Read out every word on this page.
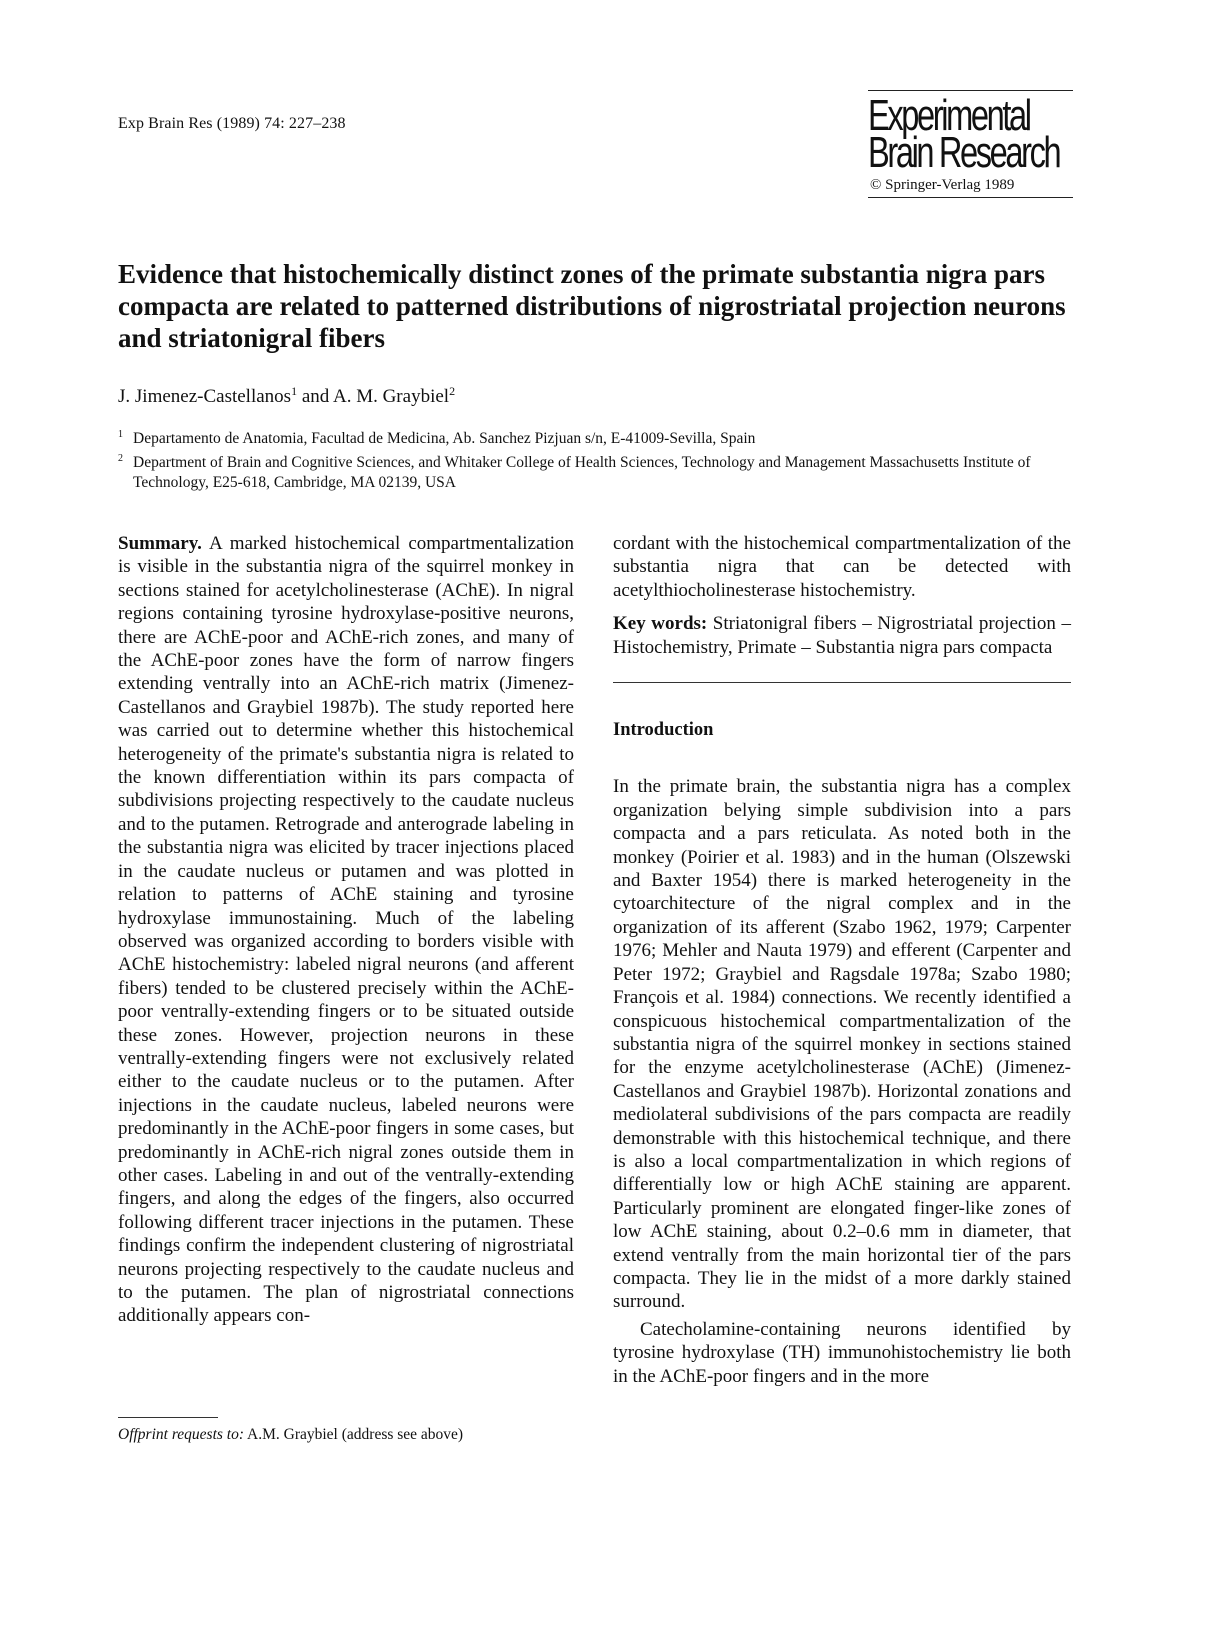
Exp Brain Res (1989) 74: 227–238	Experimental
Brain Research
© Springer-Verlag 1989
Evidence that histochemically distinct zones of the primate substantia nigra pars compacta are related to patterned distributions of nigrostriatal projection neurons and striatonigral fibers
J. Jimenez-Castellanos$^1$ and A. M. Graybiel$^2$
$^1$ Departamento de Anatomia, Facultad de Medicina, Ab. Sanchez Pizjuan s/n, E-41009-Sevilla, Spain
$^2$ Department of Brain and Cognitive Sciences, and Whitaker College of Health Sciences, Technology and Management Massachusetts Institute of Technology, E25-618, Cambridge, MA 02139, USA

Summary. A marked histochemical compartmentalization is visible in the substantia nigra of the squirrel monkey in sections stained for acetylcholinesterase (AChE). In nigral regions containing tyrosine hydroxylase-positive neurons, there are AChE-poor and AChE-rich zones, and many of the AChE-poor zones have the form of narrow fingers extending ventrally into an AChE-rich matrix (Jimenez-Castellanos and Graybiel 1987b). The study reported here was carried out to determine whether this histochemical heterogeneity of the primate's substantia nigra is related to the known differentiation within its pars compacta of subdivisions projecting respectively to the caudate nucleus and to the putamen. Retrograde and anterograde labeling in the substantia nigra was elicited by tracer injections placed in the caudate nucleus or putamen and was plotted in relation to patterns of AChE staining and tyrosine hydroxylase immunostaining. Much of the labeling observed was organized according to borders visible with AChE histochemistry: labeled nigral neurons (and afferent fibers) tended to be clustered precisely within the AChE-poor ventrally-extending fingers or to be situated outside these zones. However, projection neurons in these ventrally-extending fingers were not exclusively related either to the caudate nucleus or to the putamen. After injections in the caudate nucleus, labeled neurons were predominantly in the AChE-poor fingers in some cases, but predominantly in AChE-rich nigral zones outside them in other cases. Labeling in and out of the ventrally-extending fingers, and along the edges of the fingers, also occurred following different tracer injections in the putamen. These findings confirm the independent clustering of nigrostriatal neurons projecting respectively to the caudate nucleus and to the putamen. The plan of nigrostriatal connections additionally appears con-

cordant with the histochemical compartmentalization of the substantia nigra that can be detected with acetylthiocholinesterase histochemistry.

Key words: Striatonigral fibers – Nigrostriatal projection – Histochemistry, Primate – Substantia nigra pars compacta

Introduction

In the primate brain, the substantia nigra has a complex organization belying simple subdivision into a pars compacta and a pars reticulata. As noted both in the monkey (Poirier et al. 1983) and in the human (Olszewski and Baxter 1954) there is marked heterogeneity in the cytoarchitecture of the nigral complex and in the organization of its afferent (Szabo 1962, 1979; Carpenter 1976; Mehler and Nauta 1979) and efferent (Carpenter and Peter 1972; Graybiel and Ragsdale 1978a; Szabo 1980; François et al. 1984) connections. We recently identified a conspicuous histochemical compartmentalization of the substantia nigra of the squirrel monkey in sections stained for the enzyme acetylcholinesterase (AChE) (Jimenez-Castellanos and Graybiel 1987b). Horizontal zonations and mediolateral subdivisions of the pars compacta are readily demonstrable with this histochemical technique, and there is also a local compartmentalization in which regions of differentially low or high AChE staining are apparent. Particularly prominent are elongated finger-like zones of low AChE staining, about 0.2–0.6 mm in diameter, that extend ventrally from the main horizontal tier of the pars compacta. They lie in the midst of a more darkly stained surround.

Catecholamine-containing neurons identified by tyrosine hydroxylase (TH) immunohistochemistry lie both in the AChE-poor fingers and in the more

Offprint requests to: A.M. Graybiel (address see above)
